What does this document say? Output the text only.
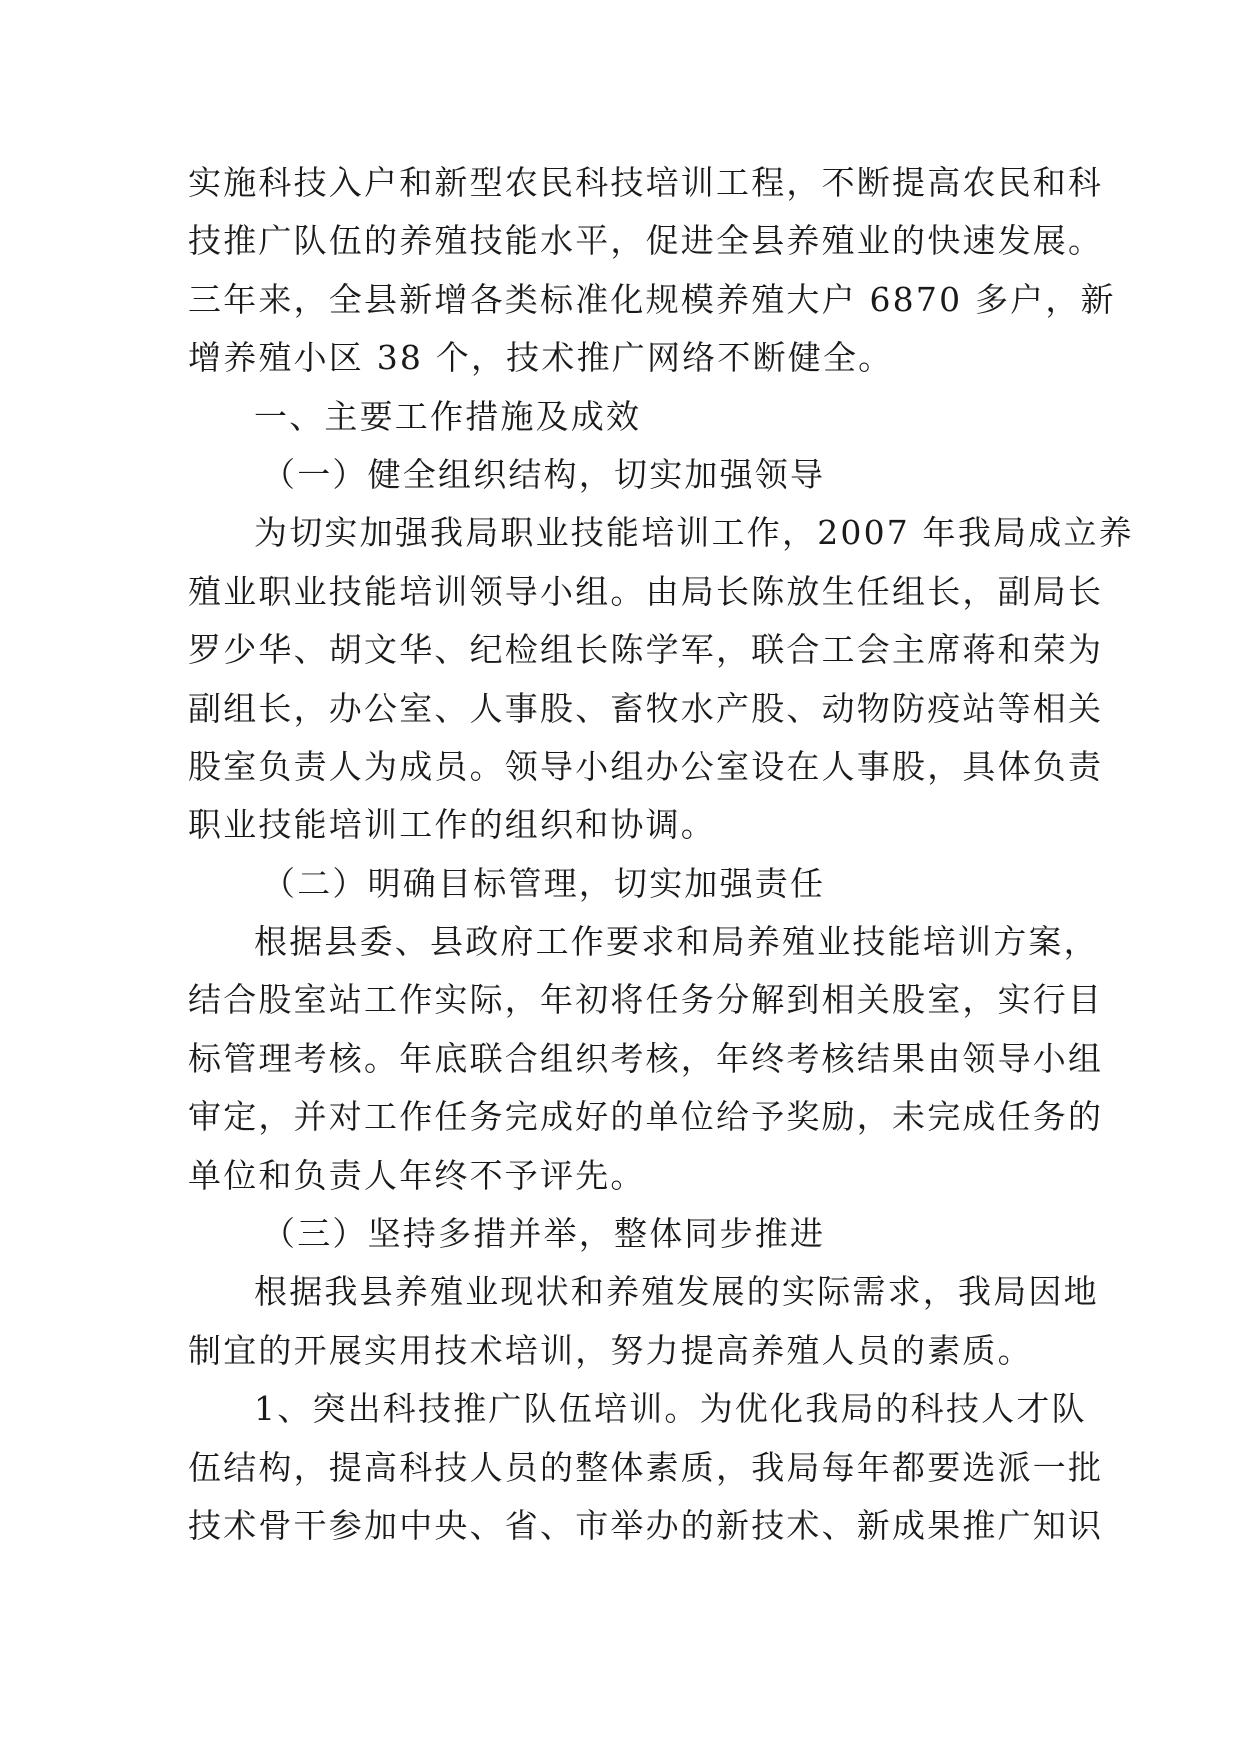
实施科技入户和新型农民科技培训工程，不断提高农民和科
技推广队伍的养殖技能水平，促进全县养殖业的快速发展。
三年来，全县新增各类标准化规模养殖大户 6870 多户，新
增养殖小区 38 个，技术推广网络不断健全。
一、主要工作措施及成效
（一）健全组织结构，切实加强领导
为切实加强我局职业技能培训工作，2007 年我局成立养
殖业职业技能培训领导小组。由局长陈放生任组长，副局长
罗少华、胡文华、纪检组长陈学军，联合工会主席蒋和荣为
副组长，办公室、人事股、畜牧水产股、动物防疫站等相关
股室负责人为成员。领导小组办公室设在人事股，具体负责
职业技能培训工作的组织和协调。
（二）明确目标管理，切实加强责任
根据县委、县政府工作要求和局养殖业技能培训方案，
结合股室站工作实际，年初将任务分解到相关股室，实行目
标管理考核。年底联合组织考核，年终考核结果由领导小组
审定，并对工作任务完成好的单位给予奖励，未完成任务的
单位和负责人年终不予评先。
（三）坚持多措并举，整体同步推进
根据我县养殖业现状和养殖发展的实际需求，我局因地
制宜的开展实用技术培训，努力提高养殖人员的素质。
1、突出科技推广队伍培训。为优化我局的科技人才队
伍结构，提高科技人员的整体素质，我局每年都要选派一批
技术骨干参加中央、省、市举办的新技术、新成果推广知识
